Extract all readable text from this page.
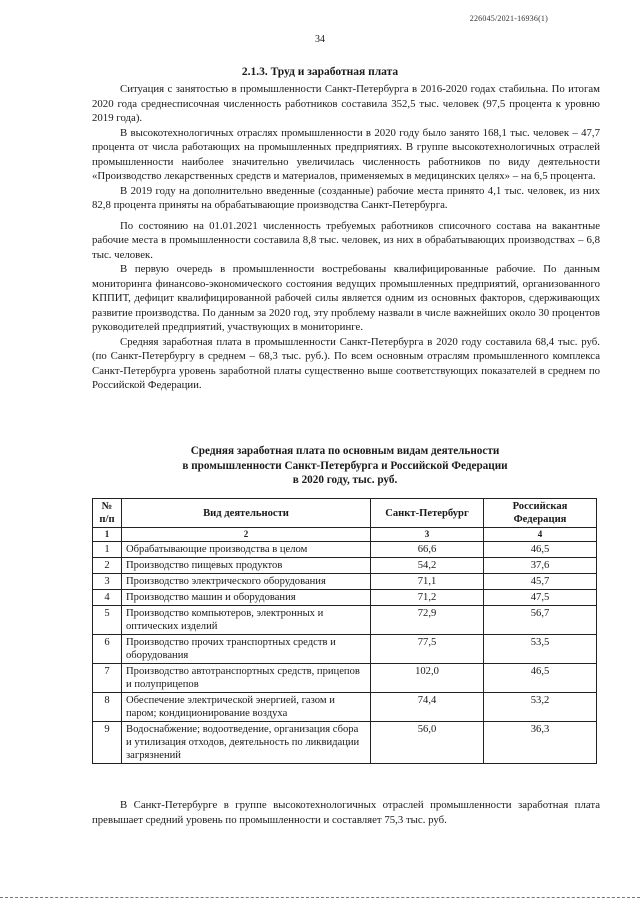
226045/2021-16936(1)
34
2.1.3. Труд и заработная плата

Ситуация с занятостью в промышленности Санкт-Петербурга в 2016-2020 годах стабильна. По итогам 2020 года среднесписочная численность работников составила 352,5 тыс. человек (97,5 процента к уровню 2019 года).

В высокотехнологичных отраслях промышленности в 2020 году было занято 168,1 тыс. человек – 47,7 процента от числа работающих на промышленных предприятиях. В группе высокотехнологичных отраслей промышленности наиболее значительно увеличилась численность работников по виду деятельности «Производство лекарственных средств и материалов, применяемых в медицинских целях» – на 6,5 процента.

В 2019 году на дополнительно введенные (созданные) рабочие места принято 4,1 тыс. человек, из них 82,8 процента приняты на обрабатывающие производства Санкт-Петербурга.

По состоянию на 01.01.2021 численность требуемых работников списочного состава на вакантные рабочие места в промышленности составила 8,8 тыс. человек, из них в обрабатывающих производствах – 6,8 тыс. человек.

В первую очередь в промышленности востребованы квалифицированные рабочие. По данным мониторинга финансово-экономического состояния ведущих промышленных предприятий, организованного КППИТ, дефицит квалифицированной рабочей силы является одним из основных факторов, сдерживающих развитие производства. По данным за 2020 год, эту проблему назвали в числе важнейших около 30 процентов руководителей предприятий, участвующих в мониторинге.

Средняя заработная плата в промышленности Санкт-Петербурга в 2020 году составила 68,4 тыс. руб. (по Санкт-Петербургу в среднем – 68,3 тыс. руб.). По всем основным отраслям промышленного комплекса Санкт-Петербурга уровень заработной платы существенно выше соответствующих показателей в среднем по Российской Федерации.

Средняя заработная плата по основным видам деятельности
в промышленности Санкт-Петербурга и Российской Федерации
в 2020 году, тыс. руб.
№ п/п	Вид деятельности	Санкт-Петербург	Российская Федерация
1	2	3	4
1	Обрабатывающие производства в целом	66,6	46,5
2	Производство пищевых продуктов	54,2	37,6
3	Производство электрического оборудования	71,1	45,7
4	Производство машин и оборудования	71,2	47,5
5	Производство компьютеров, электронных и оптических изделий	72,9	56,7
6	Производство прочих транспортных средств и оборудования	77,5	53,5
7	Производство автотранспортных средств, прицепов и полуприцепов	102,0	46,5
8	Обеспечение электрической энергией, газом и паром; кондиционирование воздуха	74,4	53,2
9	Водоснабжение; водоотведение, организация сбора и утилизация отходов, деятельность по ликвидации загрязнений	56,0	36,3

В Санкт-Петербурге в группе высокотехнологичных отраслей промышленности заработная плата превышает средний уровень по промышленности и составляет 75,3 тыс. руб.
